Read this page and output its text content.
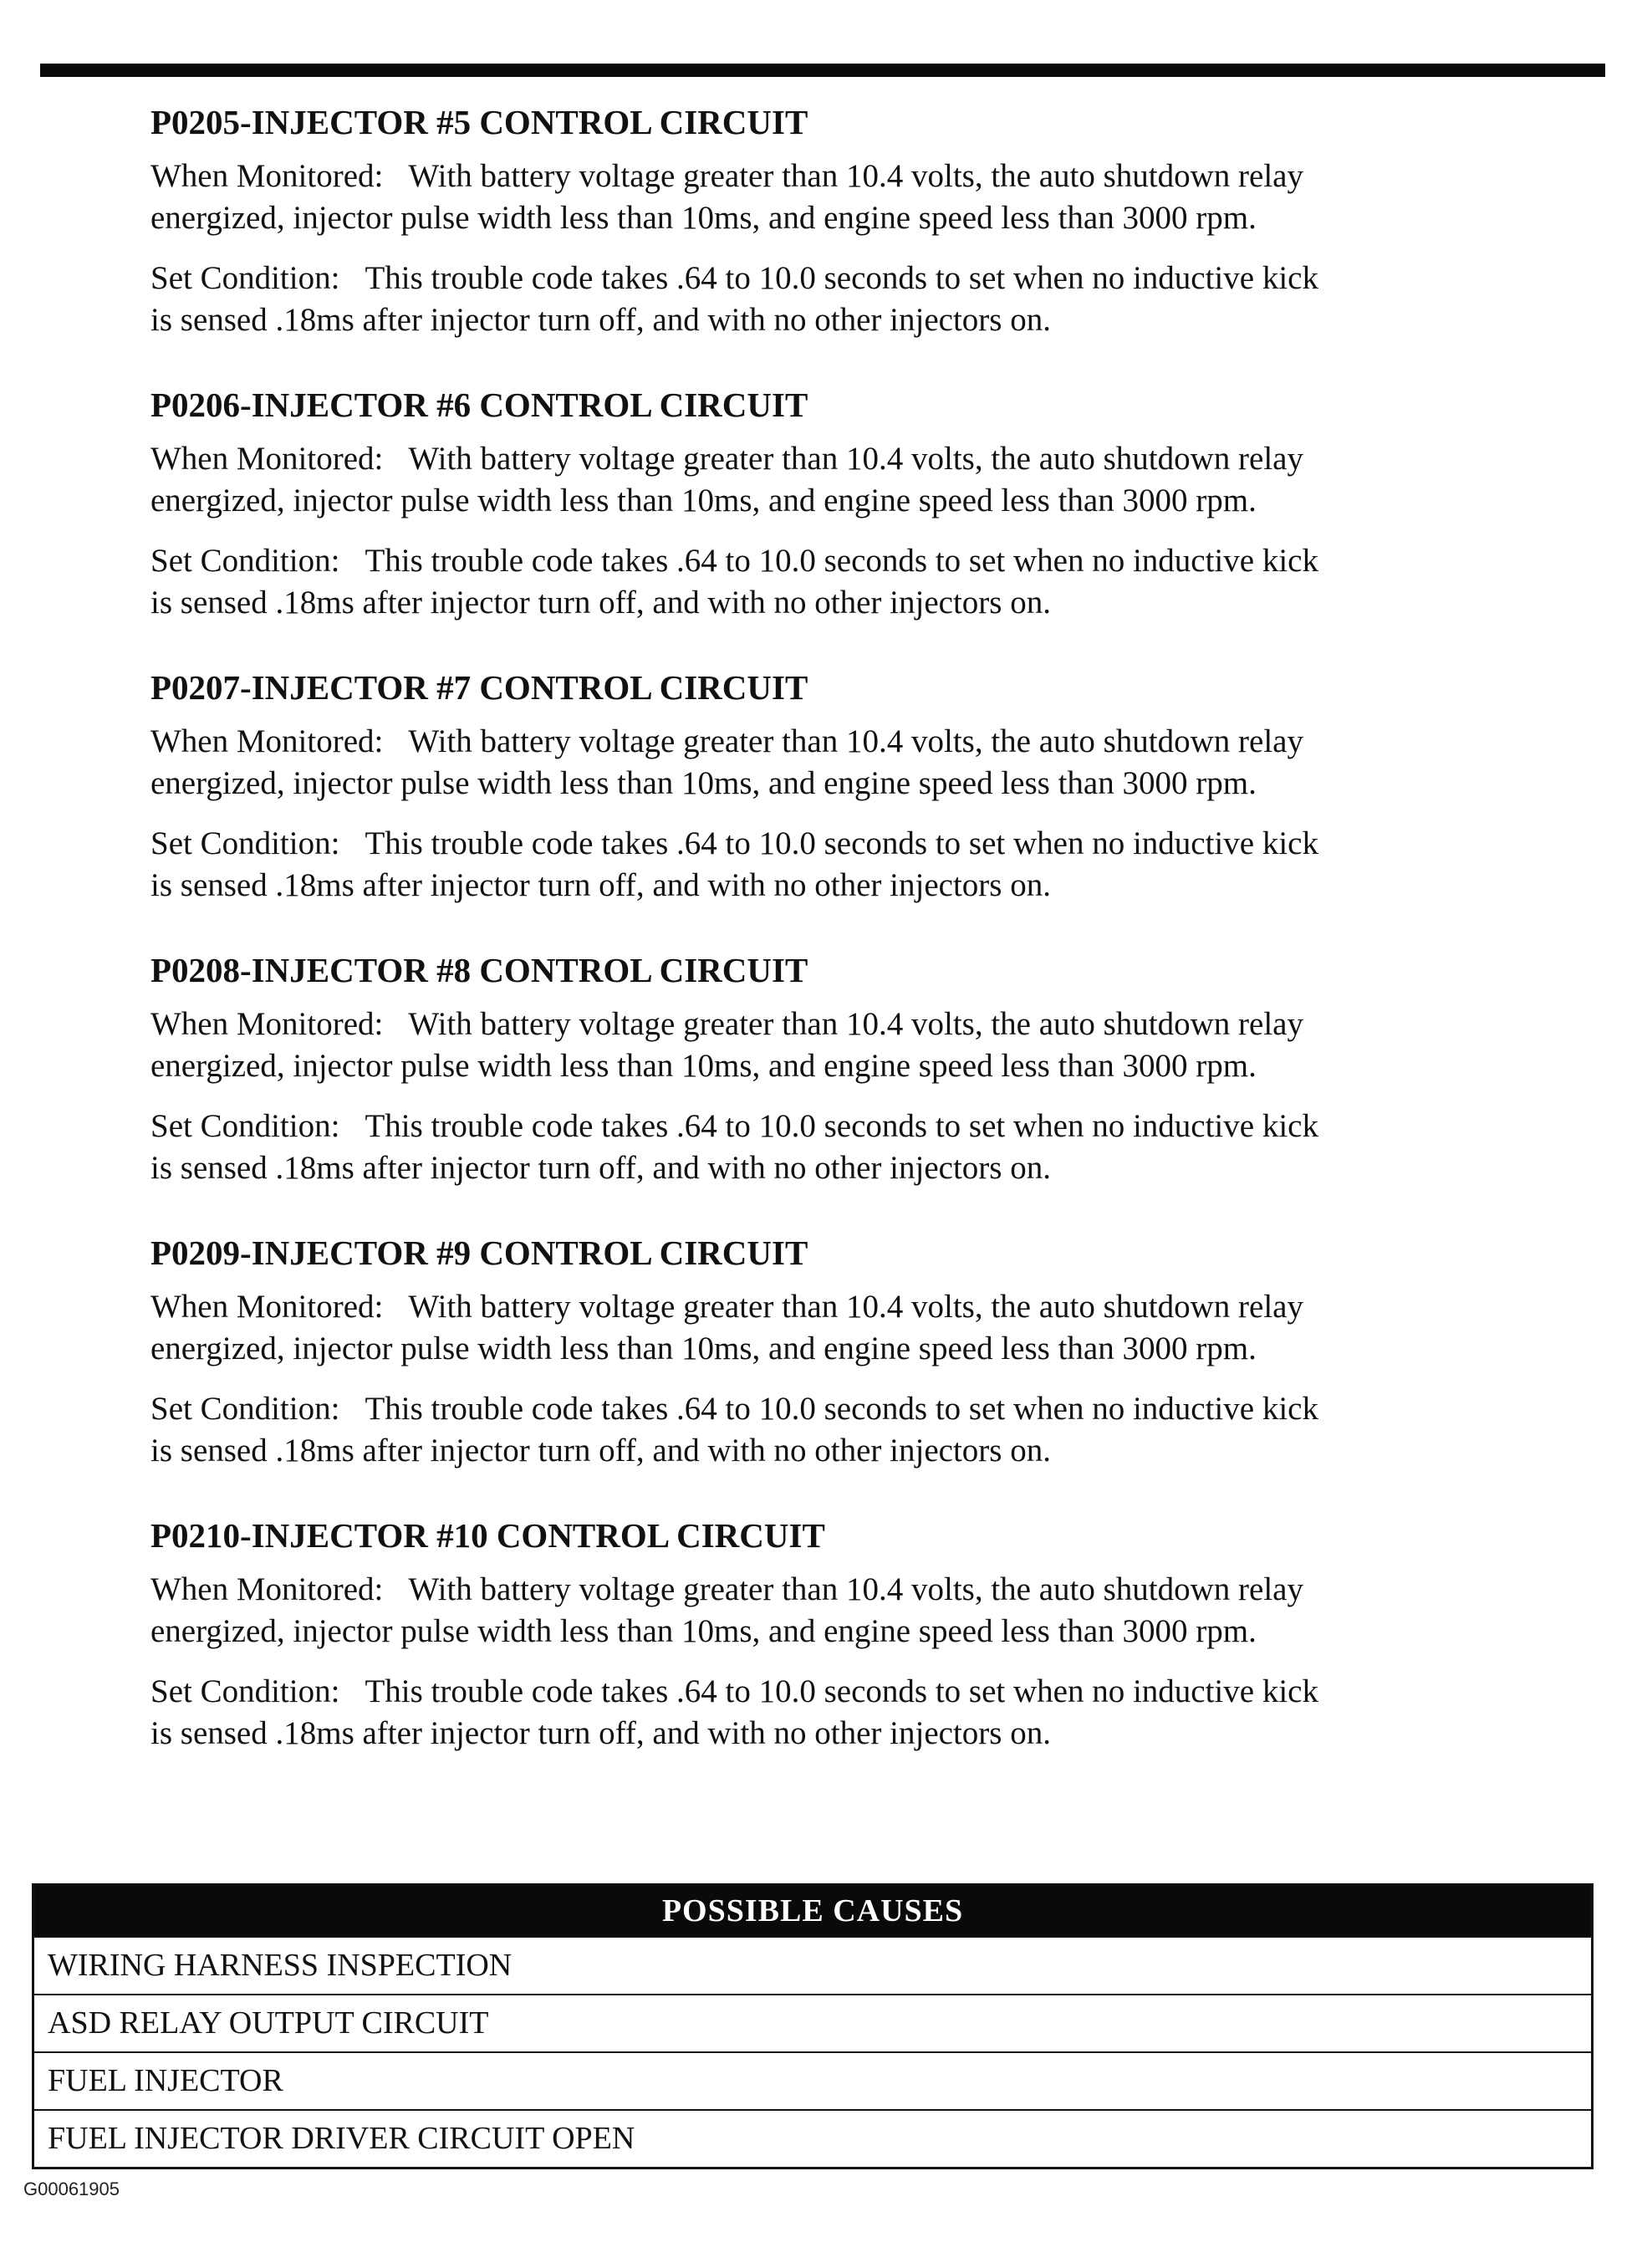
P0205-INJECTOR #5 CONTROL CIRCUIT
When Monitored: With battery voltage greater than 10.4 volts, the auto shutdown relay
energized, injector pulse width less than 10ms, and engine speed less than 3000 rpm.
Set Condition: This trouble code takes .64 to 10.0 seconds to set when no inductive kick
is sensed .18ms after injector turn off, and with no other injectors on.
P0206-INJECTOR #6 CONTROL CIRCUIT
When Monitored: With battery voltage greater than 10.4 volts, the auto shutdown relay
energized, injector pulse width less than 10ms, and engine speed less than 3000 rpm.
Set Condition: This trouble code takes .64 to 10.0 seconds to set when no inductive kick
is sensed .18ms after injector turn off, and with no other injectors on.
P0207-INJECTOR #7 CONTROL CIRCUIT
When Monitored: With battery voltage greater than 10.4 volts, the auto shutdown relay
energized, injector pulse width less than 10ms, and engine speed less than 3000 rpm.
Set Condition: This trouble code takes .64 to 10.0 seconds to set when no inductive kick
is sensed .18ms after injector turn off, and with no other injectors on.
P0208-INJECTOR #8 CONTROL CIRCUIT
When Monitored: With battery voltage greater than 10.4 volts, the auto shutdown relay
energized, injector pulse width less than 10ms, and engine speed less than 3000 rpm.
Set Condition: This trouble code takes .64 to 10.0 seconds to set when no inductive kick
is sensed .18ms after injector turn off, and with no other injectors on.
P0209-INJECTOR #9 CONTROL CIRCUIT
When Monitored: With battery voltage greater than 10.4 volts, the auto shutdown relay
energized, injector pulse width less than 10ms, and engine speed less than 3000 rpm.
Set Condition: This trouble code takes .64 to 10.0 seconds to set when no inductive kick
is sensed .18ms after injector turn off, and with no other injectors on.
P0210-INJECTOR #10 CONTROL CIRCUIT
When Monitored: With battery voltage greater than 10.4 volts, the auto shutdown relay
energized, injector pulse width less than 10ms, and engine speed less than 3000 rpm.
Set Condition: This trouble code takes .64 to 10.0 seconds to set when no inductive kick
is sensed .18ms after injector turn off, and with no other injectors on.
POSSIBLE CAUSES
WIRING HARNESS INSPECTION
ASD RELAY OUTPUT CIRCUIT
FUEL INJECTOR
FUEL INJECTOR DRIVER CIRCUIT OPEN
G00061905
